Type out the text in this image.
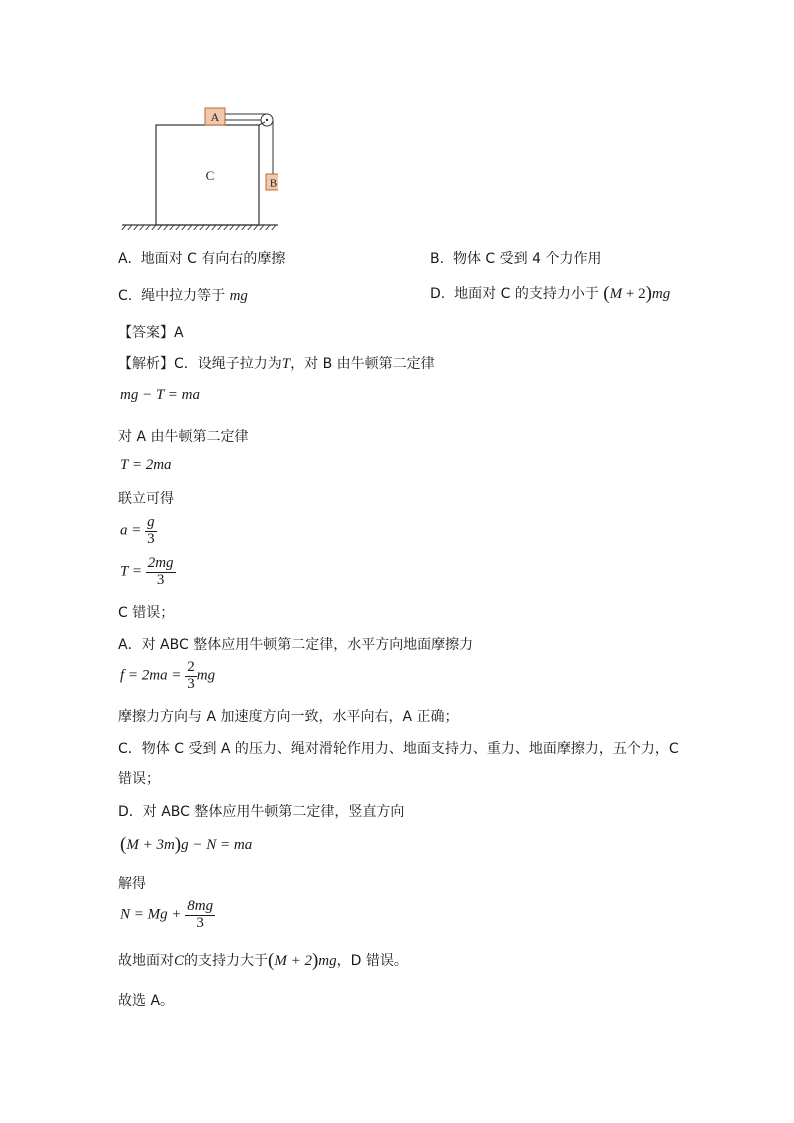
C
A
B
A. 地面对 C 有向右的摩擦	B. 物体 C 受到 4 个力作用
C. 绳中拉力等于 mg	D. 地面对 C 的支持力小于 (M + 2)mg
【答案】A
【解析】C．设绳子拉力为T，对 B 由牛顿第二定律
mg − T = ma
对 A 由牛顿第二定律
T = 2ma
联立可得
$a = \frac{g}{3}$
$T = \frac{2mg}{3}$
C 错误；
A．对 ABC 整体应用牛顿第二定律，水平方向地面摩擦力
$f = 2ma = \frac{2}{3}$ mg
摩擦力方向与 A 加速度方向一致，水平向右，A 正确；
C．物体 C 受到 A 的压力、绳对滑轮作用力、地面支持力、重力、地面摩擦力，五个力，C
错误；
D．对 ABC 整体应用牛顿第二定律，竖直方向
(M + 3m)g − N = ma
解得
$N = Mg + \frac{8mg}{3}$
故地面对C的支持力大于(M + 2)mg，D 错误。
故选 A。
